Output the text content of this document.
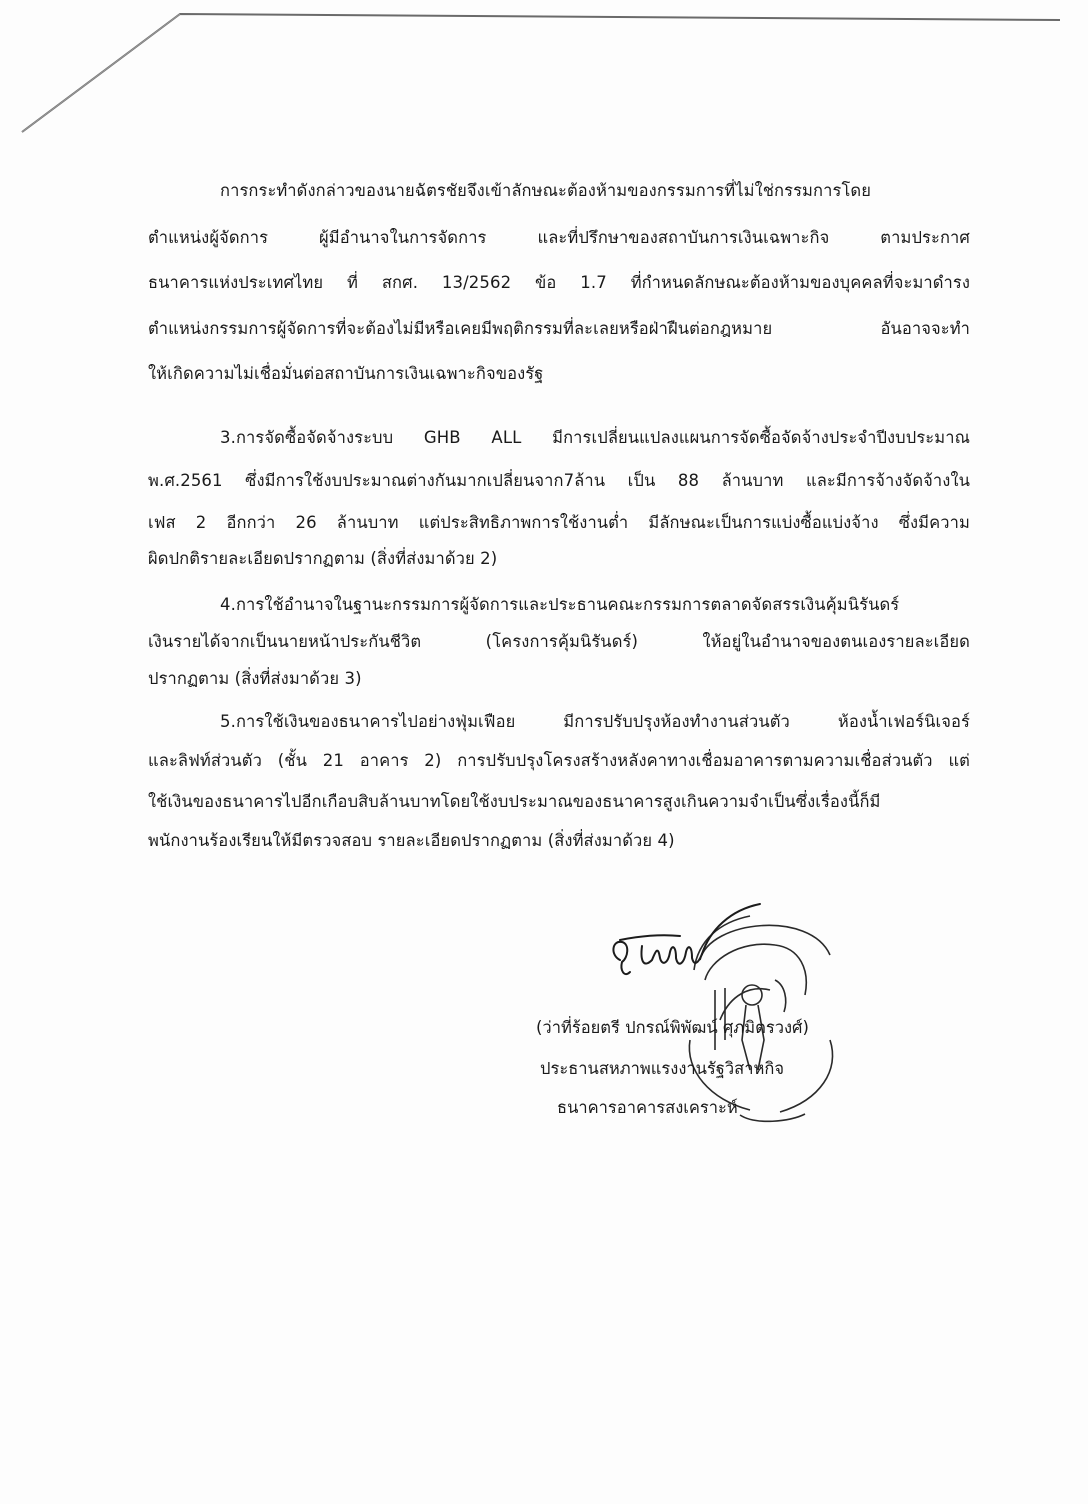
การกระทำดังกล่าวของนายฉัตรชัยจึงเข้าลักษณะต้องห้ามของกรรมการที่ไม่ใช่กรรมการโดย
ตำแหน่งผู้จัดการ ผู้มีอำนาจในการจัดการ และที่ปรึกษาของสถาบันการเงินเฉพาะกิจ ตามประกาศ
ธนาคารแห่งประเทศไทย ที่ สกศ. 13/2562 ข้อ 1.7 ที่กำหนดลักษณะต้องห้ามของบุคคลที่จะมาดำรง
ตำแหน่งกรรมการผู้จัดการที่จะต้องไม่มีหรือเคยมีพฤติกรรมที่ละเลยหรือฝ่าฝืนต่อกฎหมาย อันอาจจะทำ
ให้เกิดความไม่เชื่อมั่นต่อสถาบันการเงินเฉพาะกิจของรัฐ
3.การจัดซื้อจัดจ้างระบบ GHB ALL มีการเปลี่ยนแปลงแผนการจัดซื้อจัดจ้างประจำปีงบประมาณ
พ.ศ.2561 ซึ่งมีการใช้งบประมาณต่างกันมากเปลี่ยนจาก7ล้าน เป็น 88 ล้านบาท และมีการจ้างจัดจ้างใน
เฟส 2 อีกกว่า 26 ล้านบาท แต่ประสิทธิภาพการใช้งานต่ำ มีลักษณะเป็นการแบ่งซื้อแบ่งจ้าง ซึ่งมีความ
ผิดปกติรายละเอียดปรากฏตาม (สิ่งที่ส่งมาด้วย 2)
4.การใช้อำนาจในฐานะกรรมการผู้จัดการและประธานคณะกรรมการตลาดจัดสรรเงินคุ้มนิรันดร์
เงินรายได้จากเป็นนายหน้าประกันชีวิต (โครงการคุ้มนิรันดร์) ให้อยู่ในอำนาจของตนเองรายละเอียด
ปรากฏตาม (สิ่งที่ส่งมาด้วย 3)
5.การใช้เงินของธนาคารไปอย่างฟุ่มเฟือย มีการปรับปรุงห้องทำงานส่วนตัว ห้องน้ำเฟอร์นิเจอร์
และลิฟท์ส่วนตัว (ชั้น 21 อาคาร 2) การปรับปรุงโครงสร้างหลังคาทางเชื่อมอาคารตามความเชื่อส่วนตัว แต่
ใช้เงินของธนาคารไปอีกเกือบสิบล้านบาทโดยใช้งบประมาณของธนาคารสูงเกินความจำเป็นซึ่งเรื่องนี้ก็มี
พนักงานร้องเรียนให้มีตรวจสอบ รายละเอียดปรากฏตาม (สิ่งที่ส่งมาด้วย 4)
(ว่าที่ร้อยตรี ปกรณ์พิพัฒน์ ศุภมิตรวงศ์)
ประธานสหภาพแรงงานรัฐวิสาหกิจ
ธนาคารอาคารสงเคราะห์
